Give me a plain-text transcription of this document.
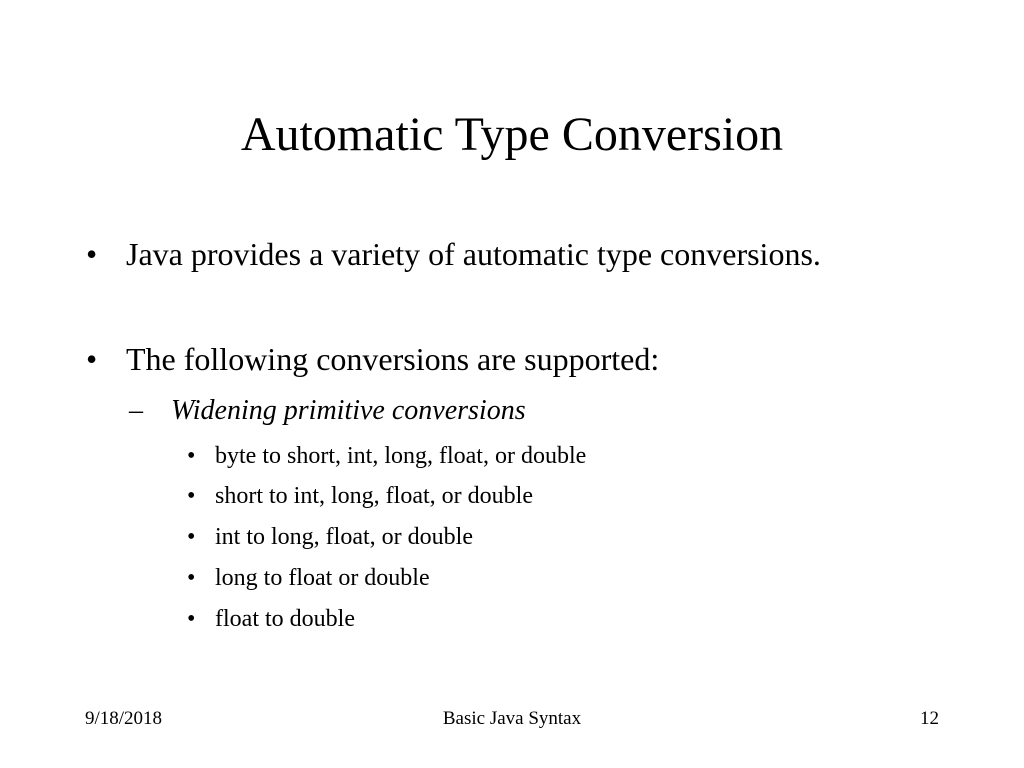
Automatic Type Conversion
• Java provides a variety of automatic type conversions.
• The following conversions are supported:
– Widening primitive conversions
• byte to short, int, long, float, or double
• short to int, long, float, or double
• int to long, float, or double
• long to float or double
• float to double
9/18/2018	Basic Java Syntax	12
